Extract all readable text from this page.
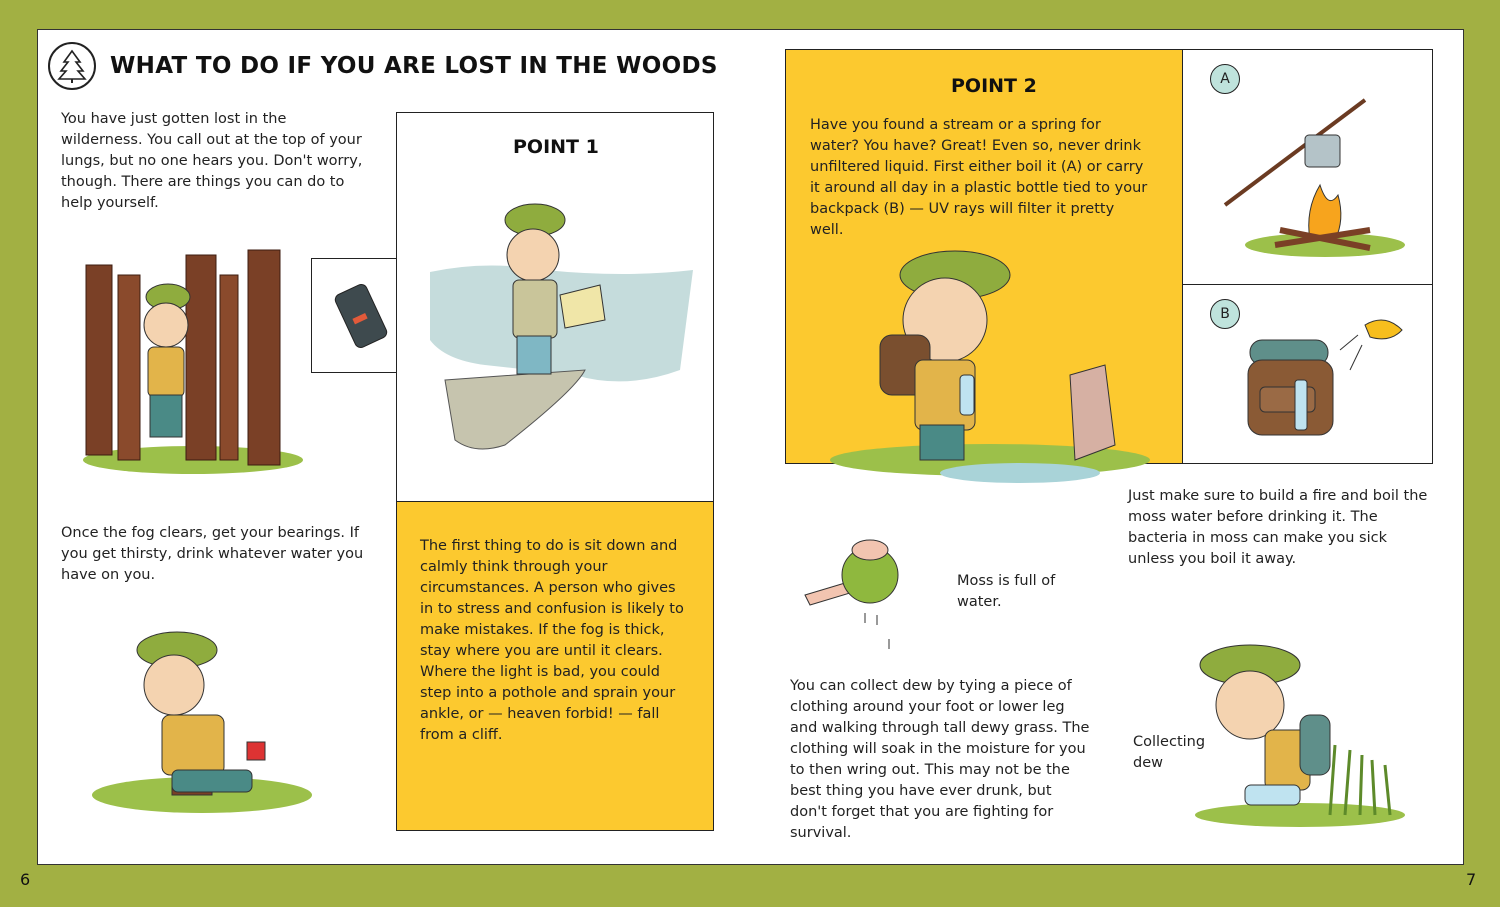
WHAT TO DO IF YOU ARE LOST IN THE WOODS
You have just gotten lost in the wilderness. You call out at the top of your lungs, but no one hears you. Don't worry, though. There are things you can do to help yourself.
Once the fog clears, get your bearings. If you get thirsty, drink whatever water you have on you.
POINT 1
The first thing to do is sit down and calmly think through your circumstances. A person who gives in to stress and confusion is likely to make mistakes. If the fog is thick, stay where you are until it clears. Where the light is bad, you could step into a pothole and sprain your ankle, or — heaven forbid! — fall from a cliff.
POINT 2
Have you found a stream or a spring for water? You have? Great! Even so, never drink unfiltered liquid. First either boil it (A) or carry it around all day in a plastic bottle tied to your backpack (B) — UV rays will filter it pretty well.
A
B
Just make sure to build a fire and boil the moss water before drinking it. The bacteria in moss can make you sick unless you boil it away.
Moss is full of water.
You can collect dew by tying a piece of clothing around your foot or lower leg and walking through tall dewy grass. The clothing will soak in the moisture for you to then wring out. This may not be the best thing you have ever drunk, but don't forget that you are fighting for survival.
Collecting dew
6	7
